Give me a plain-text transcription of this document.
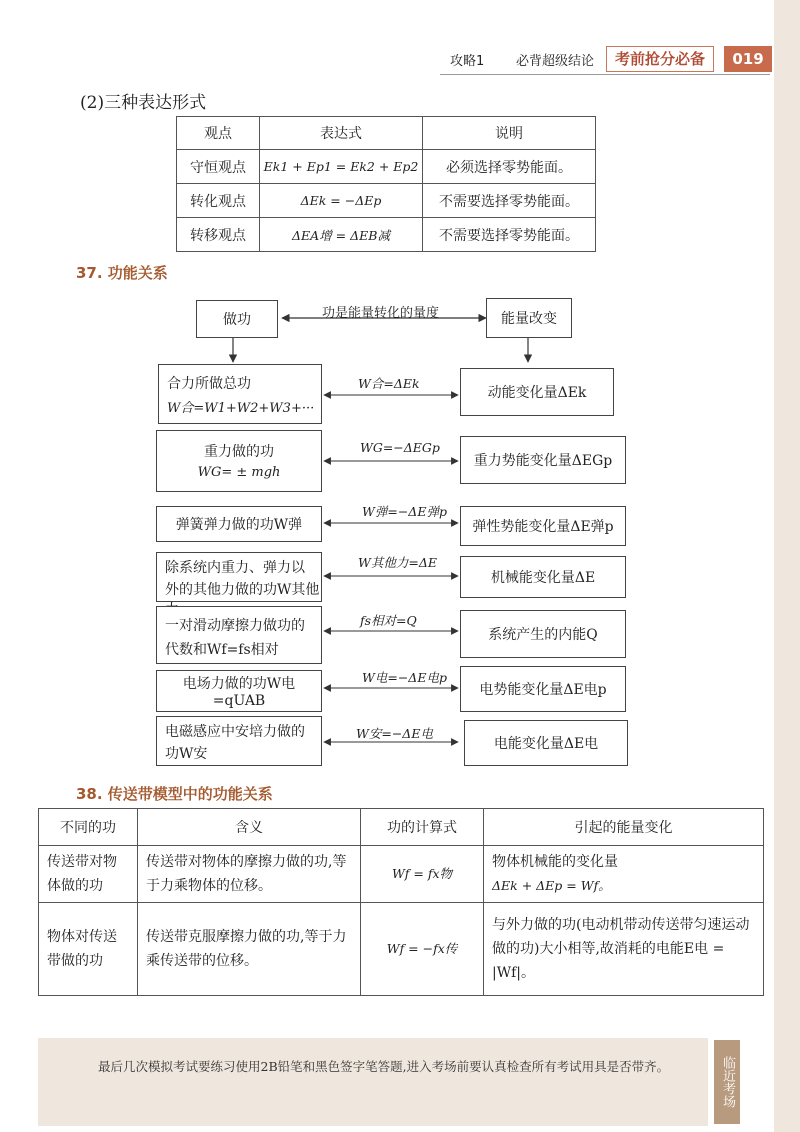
攻略1 必背超级结论	考前抢分必备	019
(2)三种表达形式
观点	表达式	说明
守恒观点	Ek1 + Ep1 = Ek2 + Ep2	必须选择零势能面。
转化观点	ΔEk = −ΔEp	不需要选择零势能面。
转移观点	ΔEA增 = ΔEB减	不需要选择零势能面。
37. 功能关系
做功	功是能量转化的量度	能量改变
合力所做总功
W合=W1+W2+W3+···
W合=ΔEk
动能变化量ΔEk
重力做的功
WG= ± mgh
WG=−ΔEGp
重力势能变化量ΔEGp
弹簧弹力做的功W弹
W弹=−ΔE弹p
弹性势能变化量ΔE弹p
除系统内重力、弹力以
外的其他力做的功W其他
W其他力=ΔE
机械能变化量ΔE
一对滑动摩擦力做功的
代数和Wf=fs相对
fs相对=Q
系统产生的内能Q
电场力做的功W电=qUAB
W电=−ΔE电p
电势能变化量ΔE电p
电磁感应中安培力做的
功W安
W安=−ΔE电
电能变化量ΔE电
38. 传送带模型中的功能关系
不同的功	含义	功的计算式	引起的能量变化
传送带对物体做的功	传送带对物体的摩擦力做的功,等于力乘物体的位移。	Wf = fx物	物体机械能的变化量
ΔEk + ΔEp = Wf。

物体对传送带做的功	传送带克服摩擦力做的功,等于力乘传送带的位移。	Wf = −fx传	与外力做的功(电动机带动传送带匀速运动做的功)大小相等,故消耗的电能E电 = |Wf|。
最后几次模拟考试要练习使用2B铅笔和黑色签字笔答题,进入考场前要认真检查所有考试用具是否带齐。	临近考场
